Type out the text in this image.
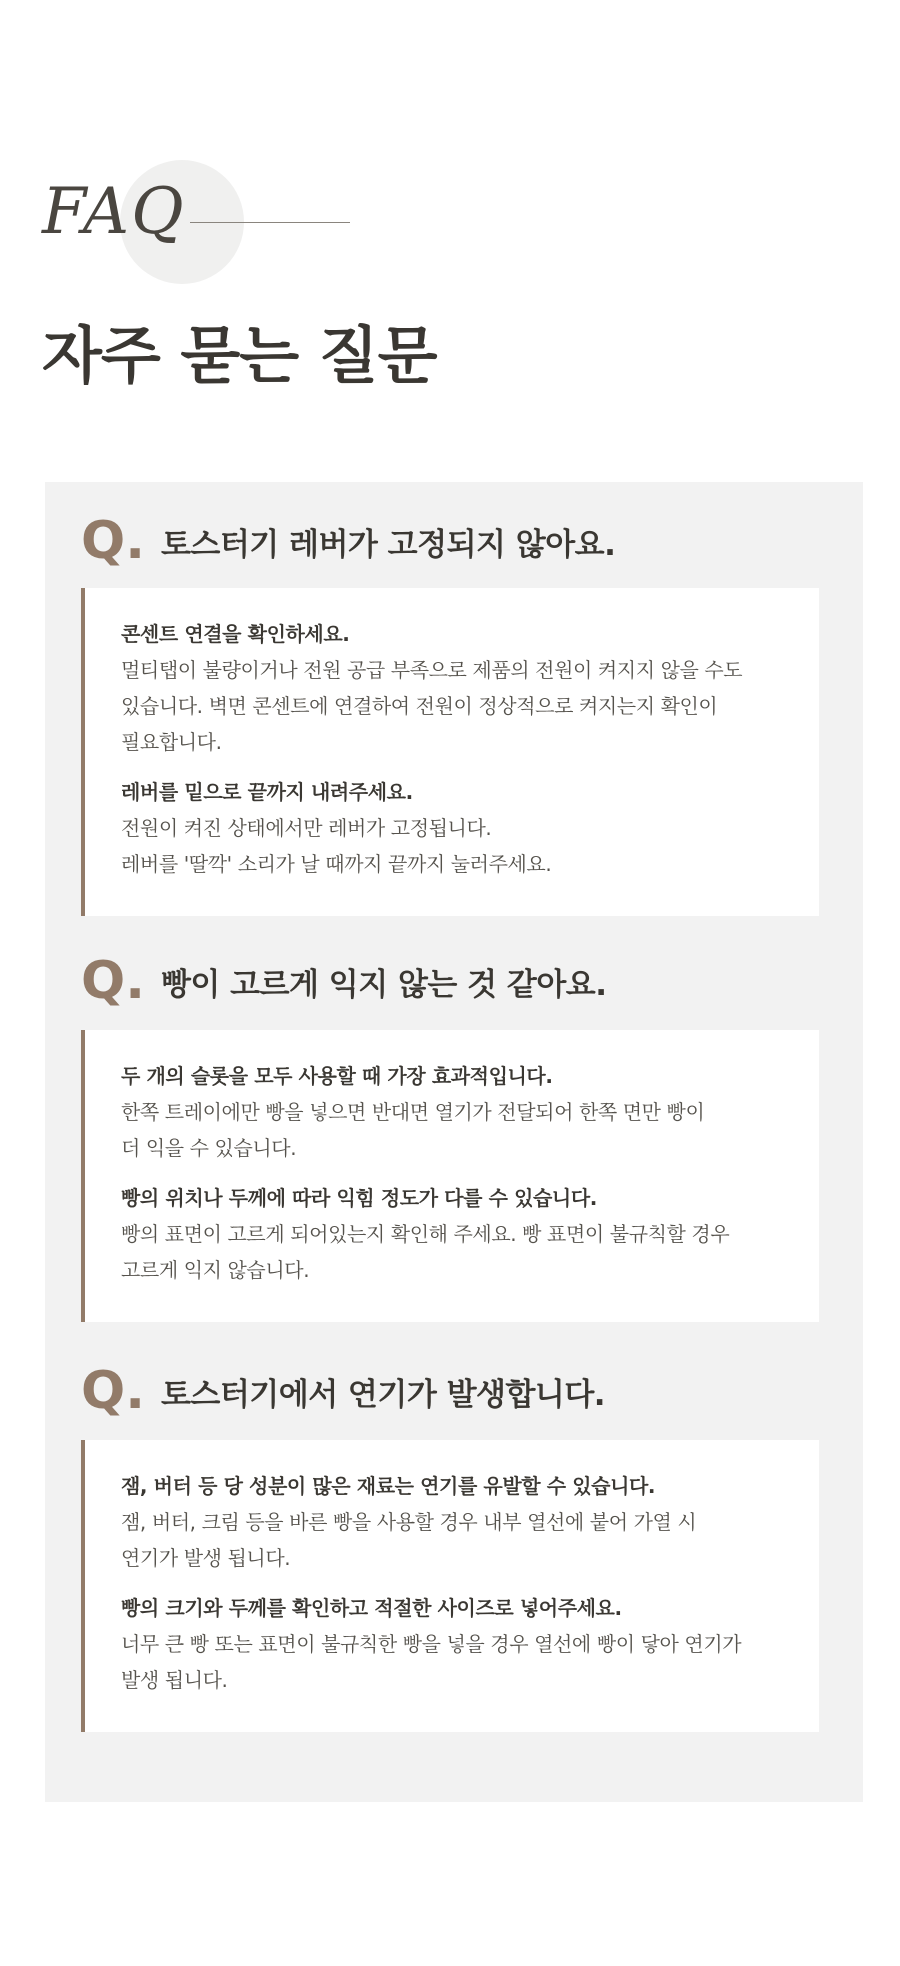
FAQ
자주 묻는 질문
Q. 토스터기 레버가 고정되지 않아요.
콘센트 연결을 확인하세요.
멀티탭이 불량이거나 전원 공급 부족으로 제품의 전원이 켜지지 않을 수도
있습니다. 벽면 콘센트에 연결하여 전원이 정상적으로 켜지는지 확인이
필요합니다.
레버를 밑으로 끝까지 내려주세요.
전원이 켜진 상태에서만 레버가 고정됩니다.
레버를 '딸깍' 소리가 날 때까지 끝까지 눌러주세요.
Q. 빵이 고르게 익지 않는 것 같아요.
두 개의 슬롯을 모두 사용할 때 가장 효과적입니다.
한쪽 트레이에만 빵을 넣으면 반대면 열기가 전달되어 한쪽 면만 빵이
더 익을 수 있습니다.
빵의 위치나 두께에 따라 익힘 정도가 다를 수 있습니다.
빵의 표면이 고르게 되어있는지 확인해 주세요. 빵 표면이 불규칙할 경우
고르게 익지 않습니다.
Q. 토스터기에서 연기가 발생합니다.
잼, 버터 등 당 성분이 많은 재료는 연기를 유발할 수 있습니다.
잼, 버터, 크림 등을 바른 빵을 사용할 경우 내부 열선에 붙어 가열 시
연기가 발생 됩니다.
빵의 크기와 두께를 확인하고 적절한 사이즈로 넣어주세요.
너무 큰 빵 또는 표면이 불규칙한 빵을 넣을 경우 열선에 빵이 닿아 연기가
발생 됩니다.
